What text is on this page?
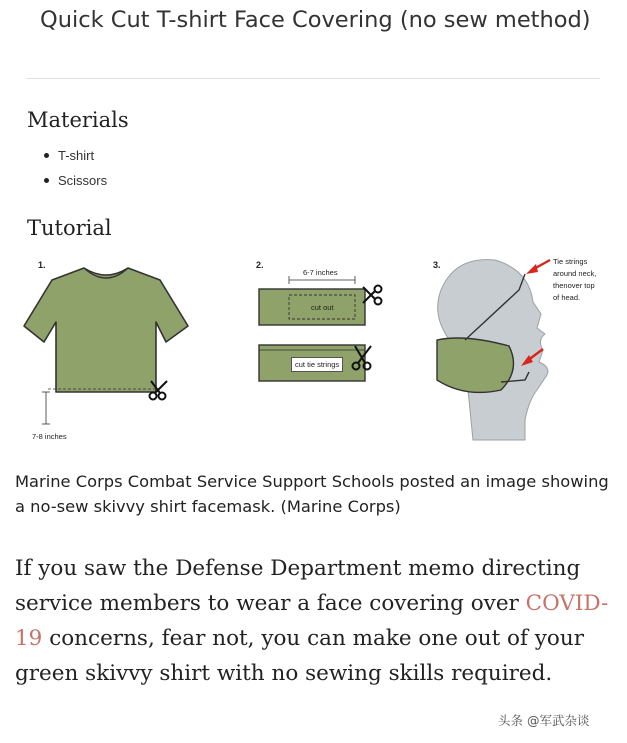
Quick Cut T-shirt Face Covering (no sew method)
Materials
T-shirt
Scissors
Tutorial
1.
7-8 inches
2.
6-7 inches
cut out
cut tie strings
3.	Tie strings
around neck,
thenover top
of head.
Marine Corps Combat Service Support Schools posted an image showing a no-sew skivvy shirt facemask. (Marine Corps)
If you saw the Defense Department memo directing service members to wear a face covering over COVID-19 concerns, fear not, you can make one out of your green skivvy shirt with no sewing skills required.
头条 @军武杂谈
